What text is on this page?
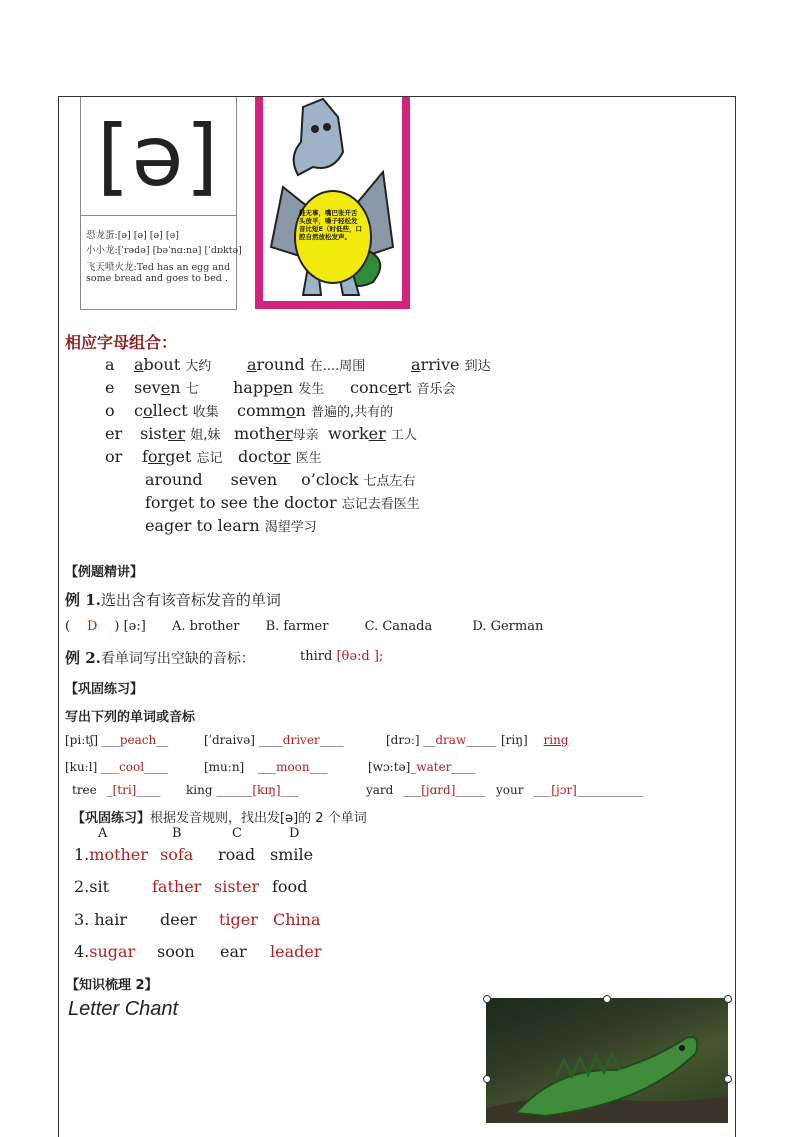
[ə]
恐龙蛋:[ə] [ə] [ə] [ə]
小小龙:[ˈrədə] [bəˈnɑːnə] [ˈdɒktə]
飞天喷火龙:Ted has an egg and
some bread and goes to bed .
鞋无事，嘴巴张开舌头放平，嗓子轻松发音比短E（时低些，口腔自然放松发声。
相应字母组合：
a about 大约 around 在....周围	arrive 到达
e seven 七 happen 发生 concert 音乐会
o collect 收集 common 普遍的,共有的
er sister 姐,妹 mother母亲 worker 工人
or forget 忘记 doctor 医生
around seven o’clock 七点左右
forget to see the doctor 忘记去看医生
eager to learn 渴望学习
【例题精讲】
例 1.选出含有该音标发音的单词
( D ) [ə:] A. brother B. farmer	C. Canada	D. German
例 2.看单词写出空缺的音标：	third [θə:d ];
【巩固练习】
写出下列的单词或音标
[piːtʃ] ___peach__	[ˈdraivə] ____driver____	[drɔː] __draw_____ [riŋ] ring
[kuːl] ___cool____	[muːn] ___moon___	[wɔːtə]_water____
tree _[tri]____ king ______[kɪŋ]___	yard ___[jɑrd]_____ your ___[jɔr]___________
【巩固练习】根据发音规则，找出发[ə]的 2 个单词
A	B	C	D
1.mother sofa road smile
2.sit	father sister food
3. hair deer tiger China
4.sugar soon ear leader
【知识梳理 2】
Letter Chant
